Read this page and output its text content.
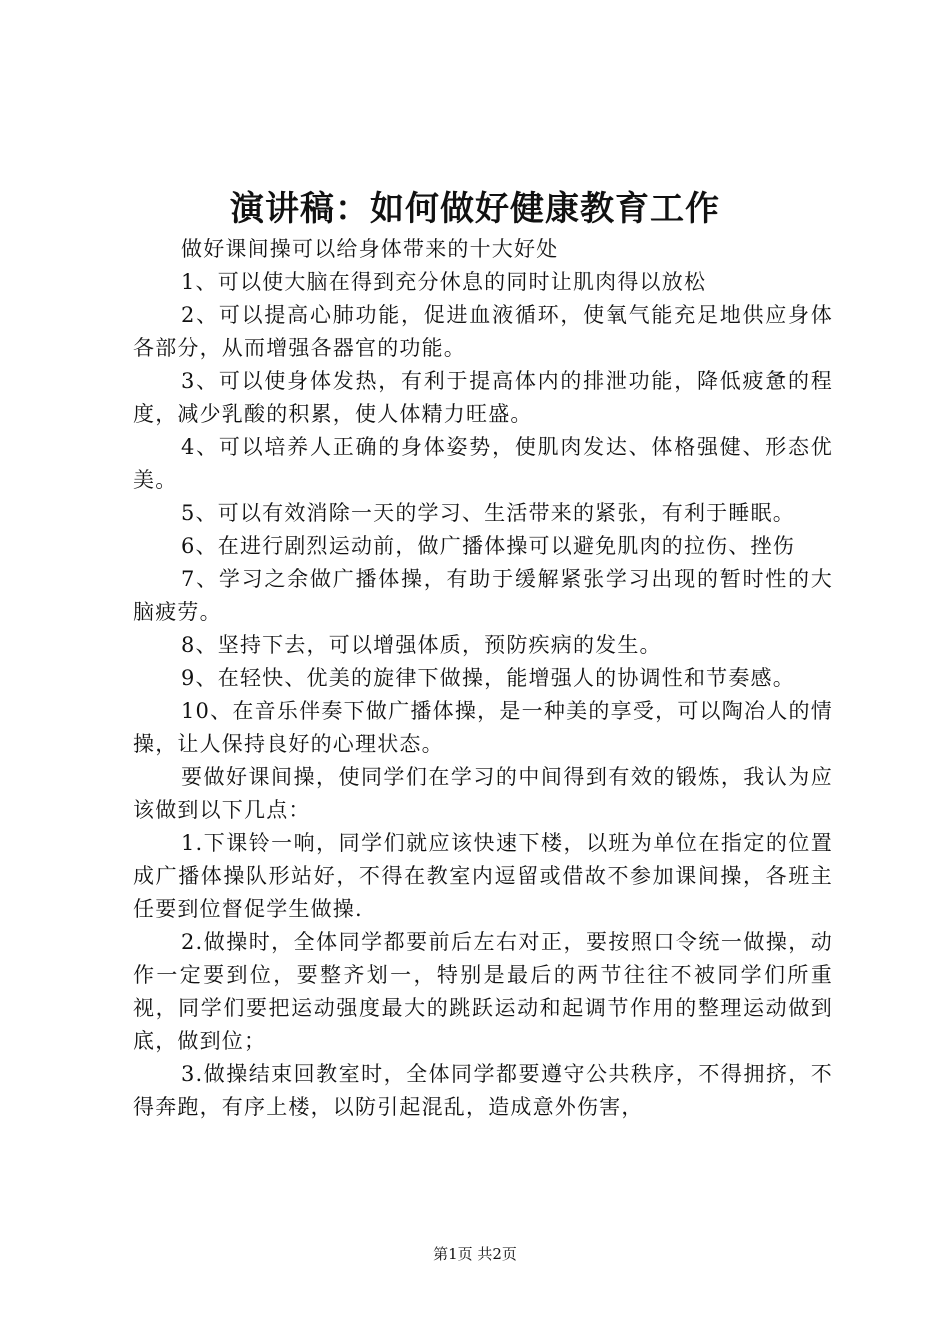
演讲稿：如何做好健康教育工作

做好课间操可以给身体带来的十大好处

1、可以使大脑在得到充分休息的同时让肌肉得以放松

2、可以提高心肺功能，促进血液循环，使氧气能充足地供应身体各部分，从而增强各器官的功能。

3、可以使身体发热，有利于提高体内的排泄功能，降低疲惫的程度，减少乳酸的积累，使人体精力旺盛。

4、可以培养人正确的身体姿势，使肌肉发达、体格强健、形态优美。

5、可以有效消除一天的学习、生活带来的紧张，有利于睡眠。

6、在进行剧烈运动前，做广播体操可以避免肌肉的拉伤、挫伤

7、学习之余做广播体操，有助于缓解紧张学习出现的暂时性的大脑疲劳。

8、坚持下去，可以增强体质，预防疾病的发生。

9、在轻快、优美的旋律下做操，能增强人的协调性和节奏感。

10、在音乐伴奏下做广播体操，是一种美的享受，可以陶冶人的情操，让人保持良好的心理状态。

要做好课间操，使同学们在学习的中间得到有效的锻炼，我认为应该做到以下几点：

1.下课铃一响，同学们就应该快速下楼，以班为单位在指定的位置成广播体操队形站好，不得在教室内逗留或借故不参加课间操，各班主任要到位督促学生做操.

2.做操时，全体同学都要前后左右对正，要按照口令统一做操，动作一定要到位，要整齐划一，特别是最后的两节往往不被同学们所重视，同学们要把运动强度最大的跳跃运动和起调节作用的整理运动做到底，做到位；

3.做操结束回教室时，全体同学都要遵守公共秩序，不得拥挤，不得奔跑，有序上楼，以防引起混乱，造成意外伤害，

第1页 共2页
